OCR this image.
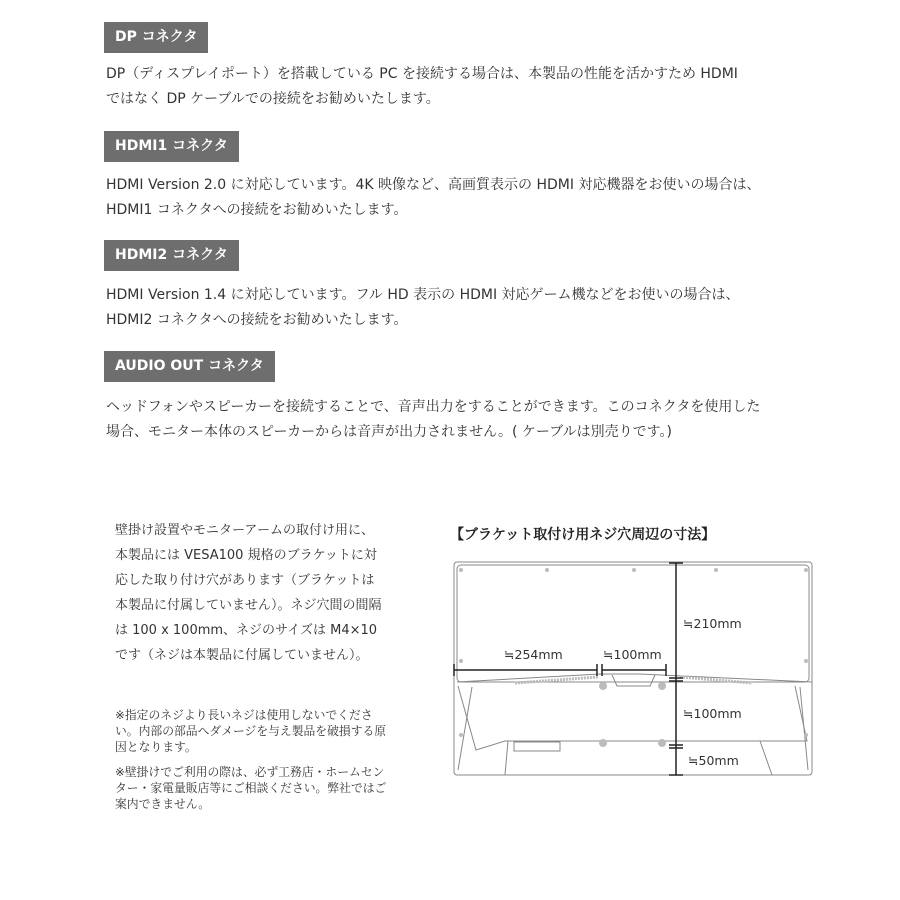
DP コネクタ
DP（ディスプレイポート）を搭載している PC を接続する場合は、本製品の性能を活かすため HDMI
ではなく DP ケーブルでの接続をお勧めいたします。
HDMI1 コネクタ
HDMI Version 2.0 に対応しています。4K 映像など、高画質表示の HDMI 対応機器をお使いの場合は、
HDMI1 コネクタへの接続をお勧めいたします。
HDMI2 コネクタ
HDMI Version 1.4 に対応しています。フル HD 表示の HDMI 対応ゲーム機などをお使いの場合は、
HDMI2 コネクタへの接続をお勧めいたします。
AUDIO OUT コネクタ
ヘッドフォンやスピーカーを接続することで、音声出力をすることができます。このコネクタを使用した
場合、モニター本体のスピーカーからは音声が出力されません。( ケーブルは別売りです。)
壁掛け設置やモニターアームの取付け用に、
本製品には VESA100 規格のブラケットに対
応した取り付け穴があります（ブラケットは
本製品に付属していません）。ネジ穴間の間隔
は 100 x 100mm、ネジのサイズは M4×10
です（ネジは本製品に付属していません）。
※指定のネジより長いネジは使用しないでくださ
い。内部の部品へダメージを与え製品を破損する原
因となります。
※壁掛けでご利用の際は、必ず工務店・ホームセン
ター・家電量販店等にご相談ください。弊社ではご
案内できません。
【ブラケット取付け用ネジ穴周辺の寸法】
≒210mm
≒254mm	≒100mm
≒100mm
≒50mm
